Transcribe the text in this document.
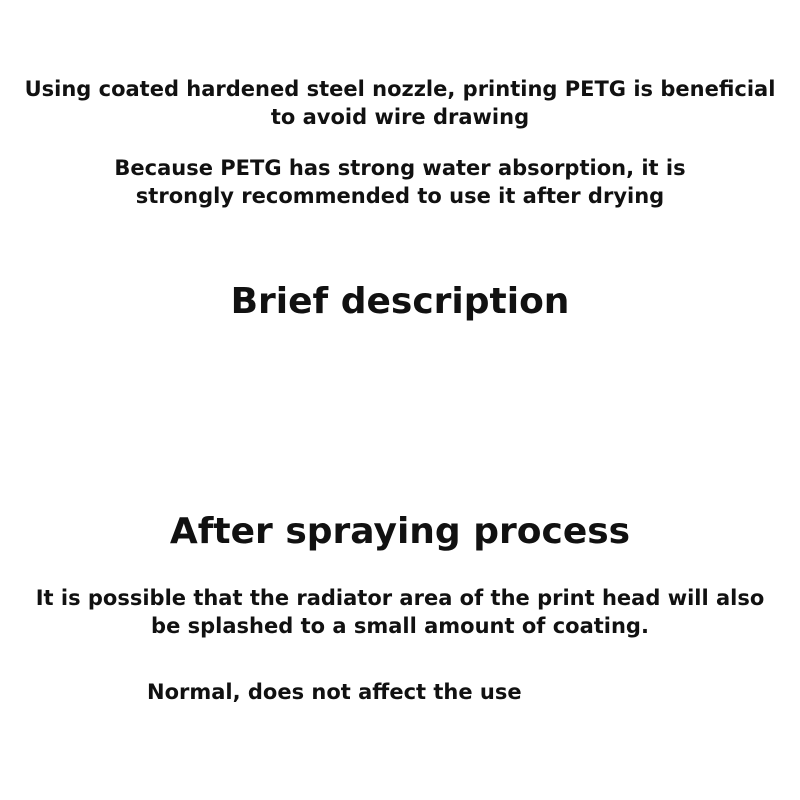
Using coated hardened steel nozzle, printing PETG is beneficial
to avoid wire drawing
Because PETG has strong water absorption, it is
strongly recommended to use it after drying
Brief description
After spraying process
It is possible that the radiator area of the print head will also
be splashed to a small amount of coating.
Normal, does not affect the use
